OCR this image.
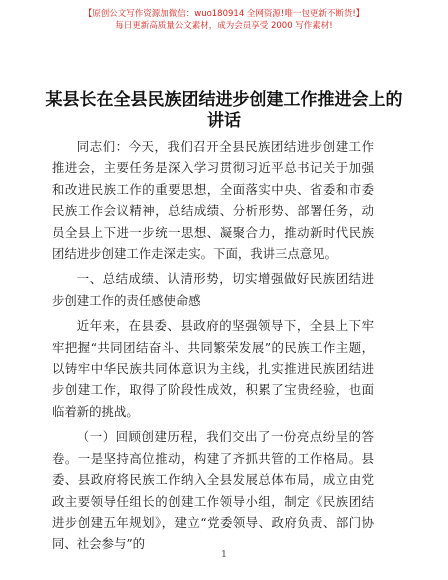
【原创公文写作资源加微信：wuo180914 全网资源!唯一包更新不断货!】
每日更新高质量公文素材，成为会员享受 2000 写作素材!
某县长在全县民族团结进步创建工作推进会上的讲话

同志们：今天，我们召开全县民族团结进步创建工作推进会，主要任务是深入学习贯彻习近平总书记关于加强和改进民族工作的重要思想，全面落实中央、省委和市委民族工作会议精神，总结成绩、分析形势、部署任务，动员全县上下进一步统一思想、凝聚合力，推动新时代民族团结进步创建工作走深走实。下面，我讲三点意见。

一、总结成绩、认清形势，切实增强做好民族团结进步创建工作的责任感使命感

近年来，在县委、县政府的坚强领导下，全县上下牢牢把握“共同团结奋斗、共同繁荣发展”的民族工作主题，以铸牢中华民族共同体意识为主线，扎实推进民族团结进步创建工作，取得了阶段性成效，积累了宝贵经验，也面临着新的挑战。

（一）回顾创建历程，我们交出了一份亮点纷呈的答卷。一是坚持高位推动，构建了齐抓共管的工作格局。县委、县政府将民族工作纳入全县发展总体布局，成立由党政主要领导任组长的创建工作领导小组，制定《民族团结进步创建五年规划》，建立“党委领导、政府负责、部门协同、社会参与”的

1
